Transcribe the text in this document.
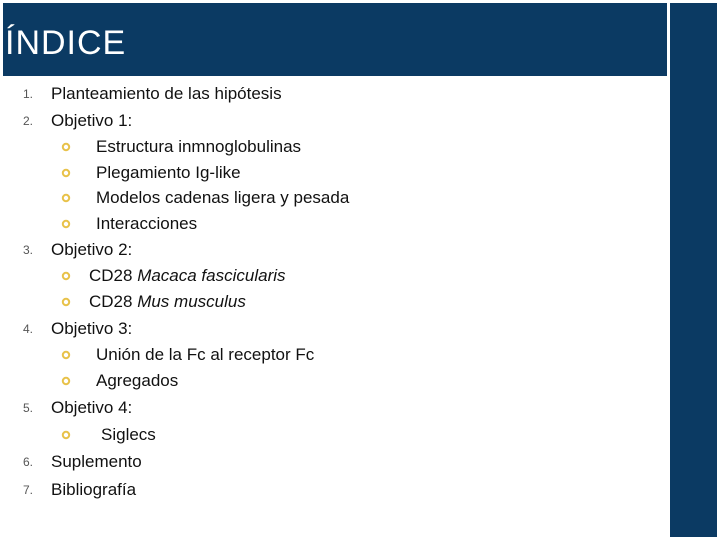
ÍNDICE
1. Planteamiento de las hipótesis
2. Objetivo 1:
Estructura inmnoglobulinas
Plegamiento Ig-like
Modelos cadenas ligera y pesada
Interacciones
3. Objetivo 2:
CD28 Macaca fascicularis
CD28 Mus musculus
4. Objetivo 3:
Unión de la Fc al receptor Fc
Agregados
5. Objetivo 4:
Siglecs
6. Suplemento
7. Bibliografía
